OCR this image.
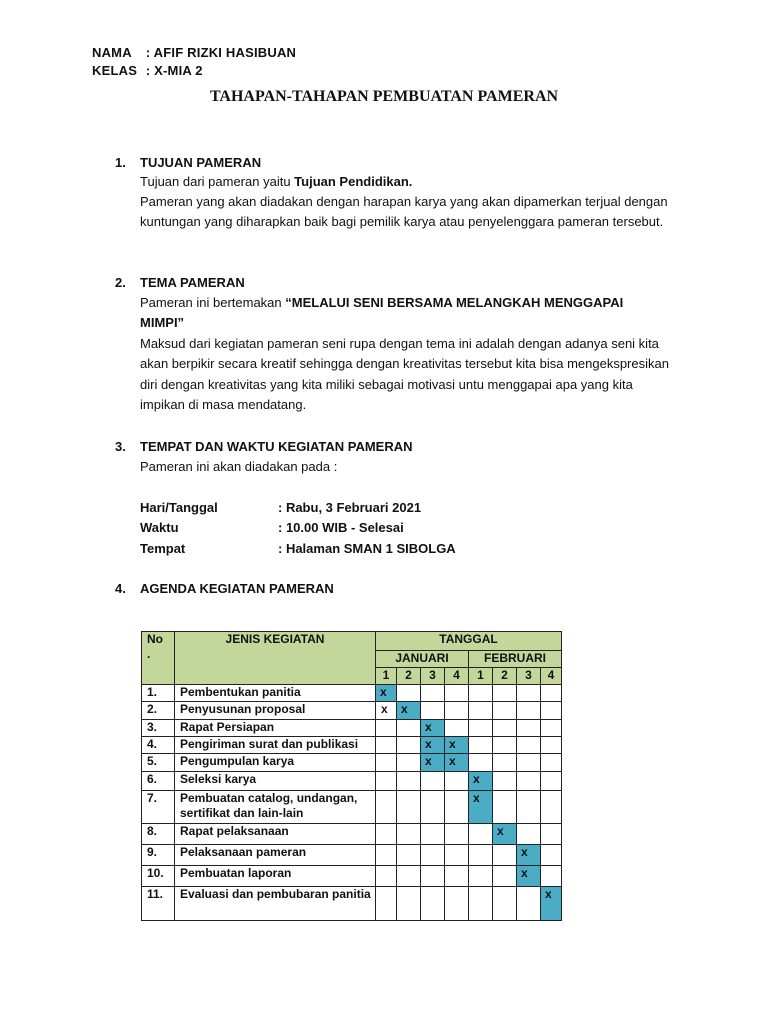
NAMA : AFIF RIZKI HASIBUAN
KELAS : X-MIA 2
TAHAPAN-TAHAPAN PEMBUATAN PAMERAN
1. TUJUAN PAMERAN
Tujuan dari pameran yaitu Tujuan Pendidikan.
Pameran yang akan diadakan dengan harapan karya yang akan dipamerkan terjual dengan kuntungan yang diharapkan baik bagi pemilik karya atau penyelenggara pameran tersebut.
2. TEMA PAMERAN
Pameran ini bertemakan “MELALUI SENI BERSAMA MELANGKAH MENGGAPAI MIMPI”
Maksud dari kegiatan pameran seni rupa dengan tema ini adalah dengan adanya seni kita akan berpikir secara kreatif sehingga dengan kreativitas tersebut kita bisa mengekspresikan diri dengan kreativitas yang kita miliki sebagai motivasi untu menggapai apa yang kita impikan di masa mendatang.
3. TEMPAT DAN WAKTU KEGIATAN PAMERAN
Pameran ini akan diadakan pada :
Hari/Tanggal	: Rabu, 3 Februari 2021
Waktu	: 10.00 WIB - Selesai
Tempat	: Halaman SMAN 1 SIBOLGA
4. AGENDA KEGIATAN PAMERAN
No
.	JENIS KEGIATAN	TANGGAL							
		JANUARI				FEBRUARI			
		1	2	3	4	1	2	3	4
1.	Pembentukan panitia	x							
2.	Penyusunan proposal	x	x						
3.	Rapat Persiapan			x					
4.	Pengiriman surat dan publikasi			x	x				
5.	Pengumpulan karya			x	x				
6.	Seleksi karya					x			
7.	Pembuatan catalog, undangan, sertifikat dan lain-lain					x			
8.	Rapat pelaksanaan						x		
9.	Pelaksanaan pameran							x	
10.	Pembuatan laporan							x	
11.	Evaluasi dan pembubaran panitia								x
